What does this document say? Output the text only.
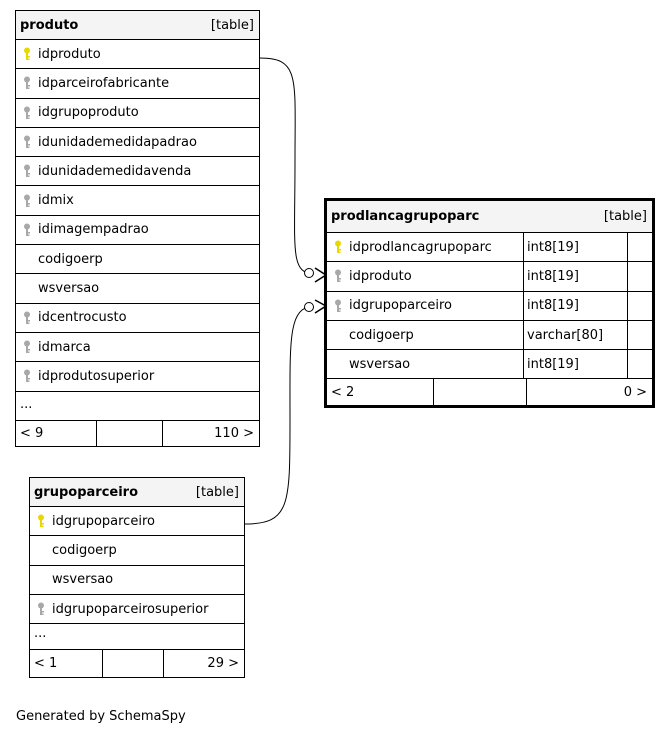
produto	[table]
idproduto
idparceirofabricante
idgrupoproduto
idunidademedidapadrao
idunidademedidavenda
idmix
idimagempadrao
codigoerp
wsversao
idcentrocusto
idmarca
idprodutosuperior
...
< 9	110 >
prodlancagrupoparc	[table]
idprodlancagrupoparc	int8[19]
idproduto	int8[19]
idgrupoparceiro	int8[19]
codigoerp	varchar[80]
wsversao	int8[19]
< 2	0 >
grupoparceiro	[table]
idgrupoparceiro
codigoerp
wsversao
idgrupoparceirosuperior
...
< 1	29 >
Generated by SchemaSpy
